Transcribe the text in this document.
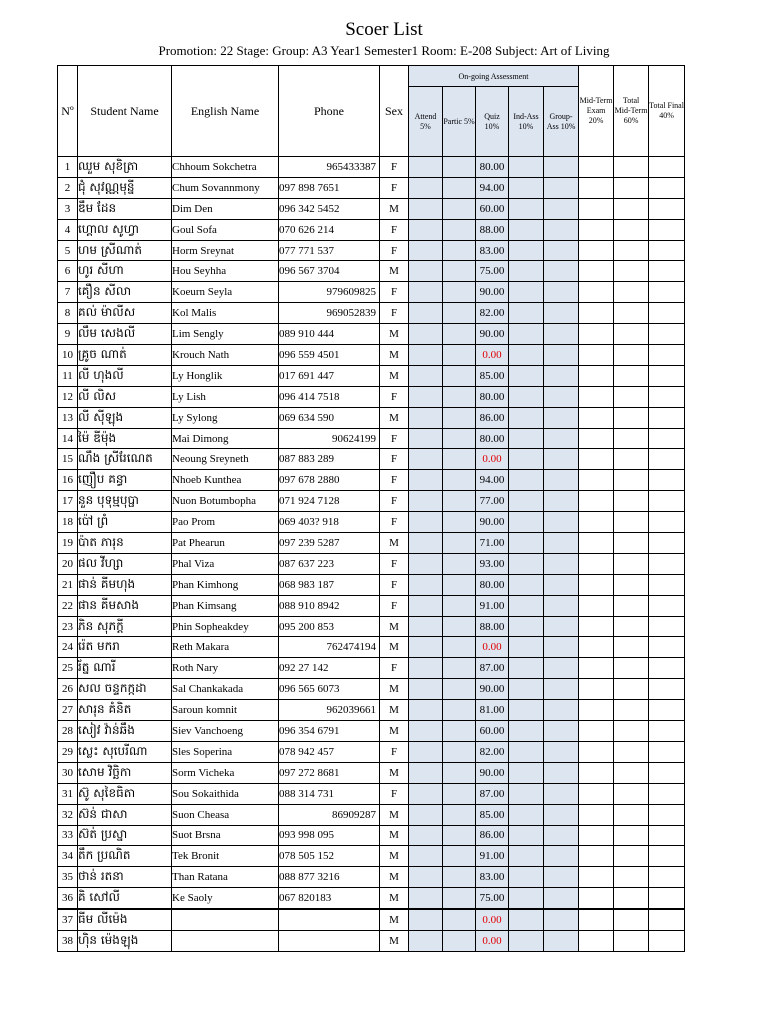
Scoer List
Promotion: 22 Stage: Group: A3 Year1 Semester1 Room: E-208 Subject: Art of Living
Nº	Student Name	English Name	Phone	Sex	On-going Assessment					Mid-Term Exam 20%	Total Mid-Term 60%	Total Final 40%
					Attend 5%	Partic 5%	Quiz 10%	Ind-Ass 10%	Group-Ass 10%			
1	ឈួម សុខិត្រា	Chhoum Sokchetra	965433387	F			80.00					
2	ជុំ សុវណ្ណមុន្នី	Chum Sovannmony	097 898 7651	F			94.00					
3	ឌឹម ដែន	Dim Den	096 342 5452	M			60.00					
4	ហ្គោល សូហ្វា	Goul Sofa	070 626 214	F			88.00					
5	ហម ស្រីណាត់	Horm Sreynat	077 771 537	F			83.00					
6	ហូរ សីហា	Hou Seyhha	096 567 3704	M			75.00					
7	គឿន សីលា	Koeurn Seyla	979609825	F			90.00					
8	គល់ ម៉ាលីស	Kol Malis	969052839	F			82.00					
9	លឹម សេងលី	Lim Sengly	089 910 444	M			90.00					
10	គ្រូច ណាត់	Krouch Nath	096 559 4501	M			0.00					
11	លី ហុងលី	Ly Honglik	017 691 447	M			85.00					
12	លី លិស	Ly Lish	096 414 7518	F			80.00					
13	លី ស៊ីឡុង	Ly Sylong	069 634 590	M			86.00					
14	ម៉ៃ ឌីម៉ុង	Mai Dimong	90624199	F			80.00					
15	ណឹង ស្រីរែណេត	Neoung Sreyneth	087 883 289	F			0.00					
16	ញឿប គន្ធា	Nhoeb Kunthea	097 678 2880	F			94.00					
17	នួន បុទុម្មបុប្ផា	Nuon Botumbopha	071 924 7128	F			77.00					
18	ប៉ៅ ព្រំ	Pao Prom	069 403? 918	F			90.00					
19	ប៉ាត ភារុន	Pat Phearun	097 239 5287	M			71.00					
20	ផល វីហ្សា	Phal Viza	087 637 223	F			93.00					
21	ផាន់ គីមហុង	Phan Kimhong	068 983 187	F			80.00					
22	ផាន គីមសាង	Phan Kimsang	088 910 8942	F			91.00					
23	ភិន សុភក្ដី	Phin Sopheakdey	095 200 853	M			88.00					
24	រ៉េត មករា	Reth Makara	762474194	M			0.00					
25	រ័ត្ន ណារី	Roth Nary	092 27 142	F			87.00					
26	សល ចន្ទកក្កដា	Sal Chankakada	096 565 6073	M			90.00					
27	សារុន គំនិត	Saroun komnit	962039661	M			81.00					
28	សៀវ វ៉ាន់ឆឹង	Siev Vanchoeng	096 354 6791	M			60.00					
29	ស្លេះ សុបេរីណា	Sles Soperina	078 942 457	F			82.00					
30	សោម វិច្ឆិកា	Sorm Vicheka	097 272 8681	M			90.00					
31	ស៊ូ សុខៃធិតា	Sou Sokaithida	088 314 731	F			87.00					
32	ស៊ន់ ជាសា	Suon Cheasa	86909287	M			85.00					
33	ស៊ត់ ប្រស្នា	Suot Brsna	093 998 095	M			86.00					
34	តឹក ប្រណិត	Tek Bronit	078 505 152	M			91.00					
35	ថាន់ រតនា	Than Ratana	088 877 3216	M			83.00					
36	គិ សៅលី	Ke Saoly	067 820183	M			75.00					
37	ធីម លីម៉េង			M			0.00					
38	ហ៊ិន ម៉េងឡុង			M			0.00					
